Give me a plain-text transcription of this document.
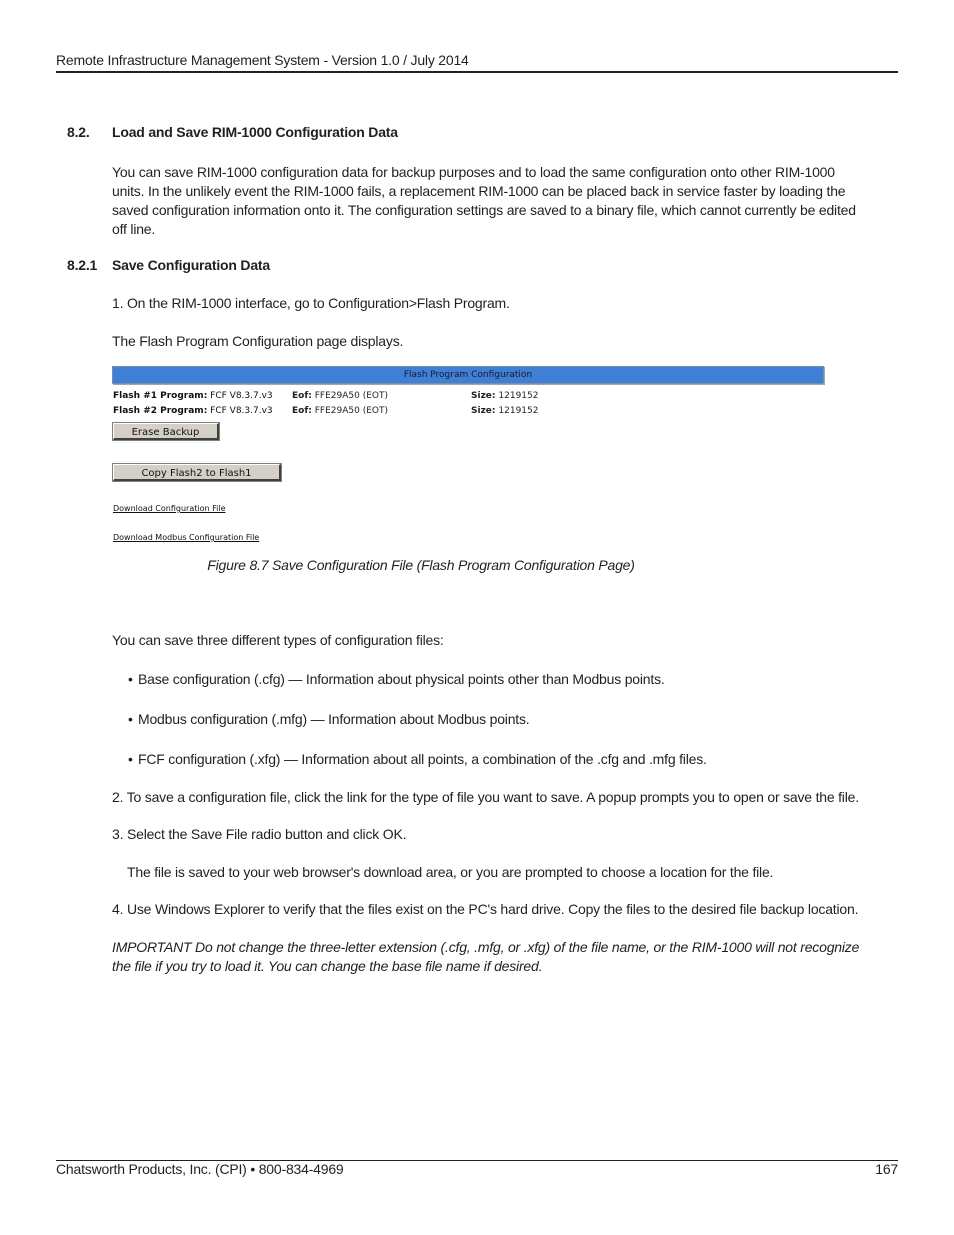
Remote Infrastructure Management System - Version 1.0 / July 2014
8.2. Load and Save RIM-1000 Configuration Data
You can save RIM-1000 configuration data for backup purposes and to load the same configuration onto other RIM-1000 units. In the unlikely event the RIM-1000 fails, a replacement RIM-1000 can be placed back in service faster by loading the saved configuration information onto it. The configuration settings are saved to a binary file, which cannot currently be edited off line.
8.2.1 Save Configuration Data
1. On the RIM-1000 interface, go to Configuration>Flash Program.
The Flash Program Configuration page displays.
Flash Program Configuration
Flash #1 Program: FCF V8.3.7.v3 Eof: FFE29A50 (EOT)	Size: 1219152
Flash #2 Program: FCF V8.3.7.v3 Eof: FFE29A50 (EOT)	Size: 1219152
Erase Backup
Copy Flash2 to Flash1
Download Configuration File
Download Modbus Configuration File
Figure 8.7 Save Configuration File (Flash Program Configuration Page)
You can save three different types of configuration files:
• Base configuration (.cfg) — Information about physical points other than Modbus points.
• Modbus configuration (.mfg) — Information about Modbus points.
• FCF configuration (.xfg) — Information about all points, a combination of the .cfg and .mfg files.
2. To save a configuration file, click the link for the type of file you want to save. A popup prompts you to open or save the file.
3. Select the Save File radio button and click OK.
The file is saved to your web browser's download area, or you are prompted to choose a location for the file.
4. Use Windows Explorer to verify that the files exist on the PC's hard drive. Copy the files to the desired file backup location.
IMPORTANT Do not change the three-letter extension (.cfg, .mfg, or .xfg) of the file name, or the RIM-1000 will not recognize the file if you try to load it. You can change the base file name if desired.
Chatsworth Products, Inc. (CPI) • 800-834-4969	167
